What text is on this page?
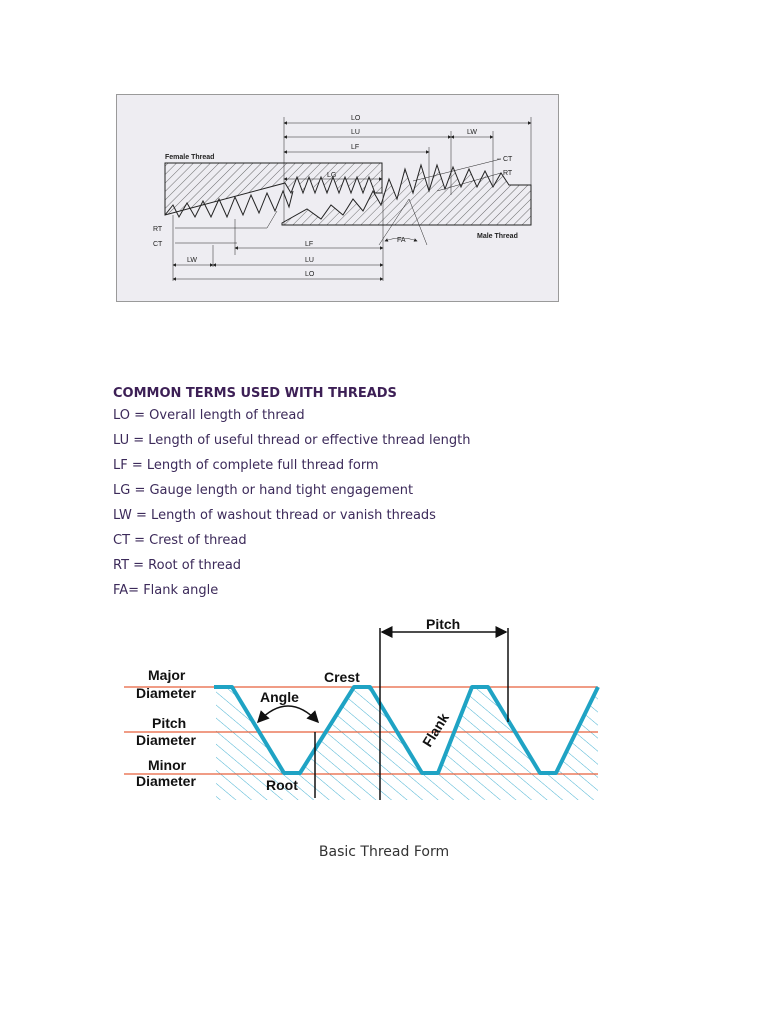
LO
LU	LW
LF
LG
CT
RT
Female Thread
Male Thread
RT
CT
FA
LF
LW	LU
LO

COMMON TERMS USED WITH THREADS

LO = Overall length of thread

LU = Length of useful thread or effective thread length

LF = Length of complete full thread form

LG = Gauge length or hand tight engagement

LW = Length of washout thread or vanish threads

CT = Crest of thread

RT = Root of thread

FA= Flank angle

Pitch
Major
Diameter
Pitch
Diameter
Minor
Diameter
Angle
Crest
Flank
Root
Basic Thread Form
